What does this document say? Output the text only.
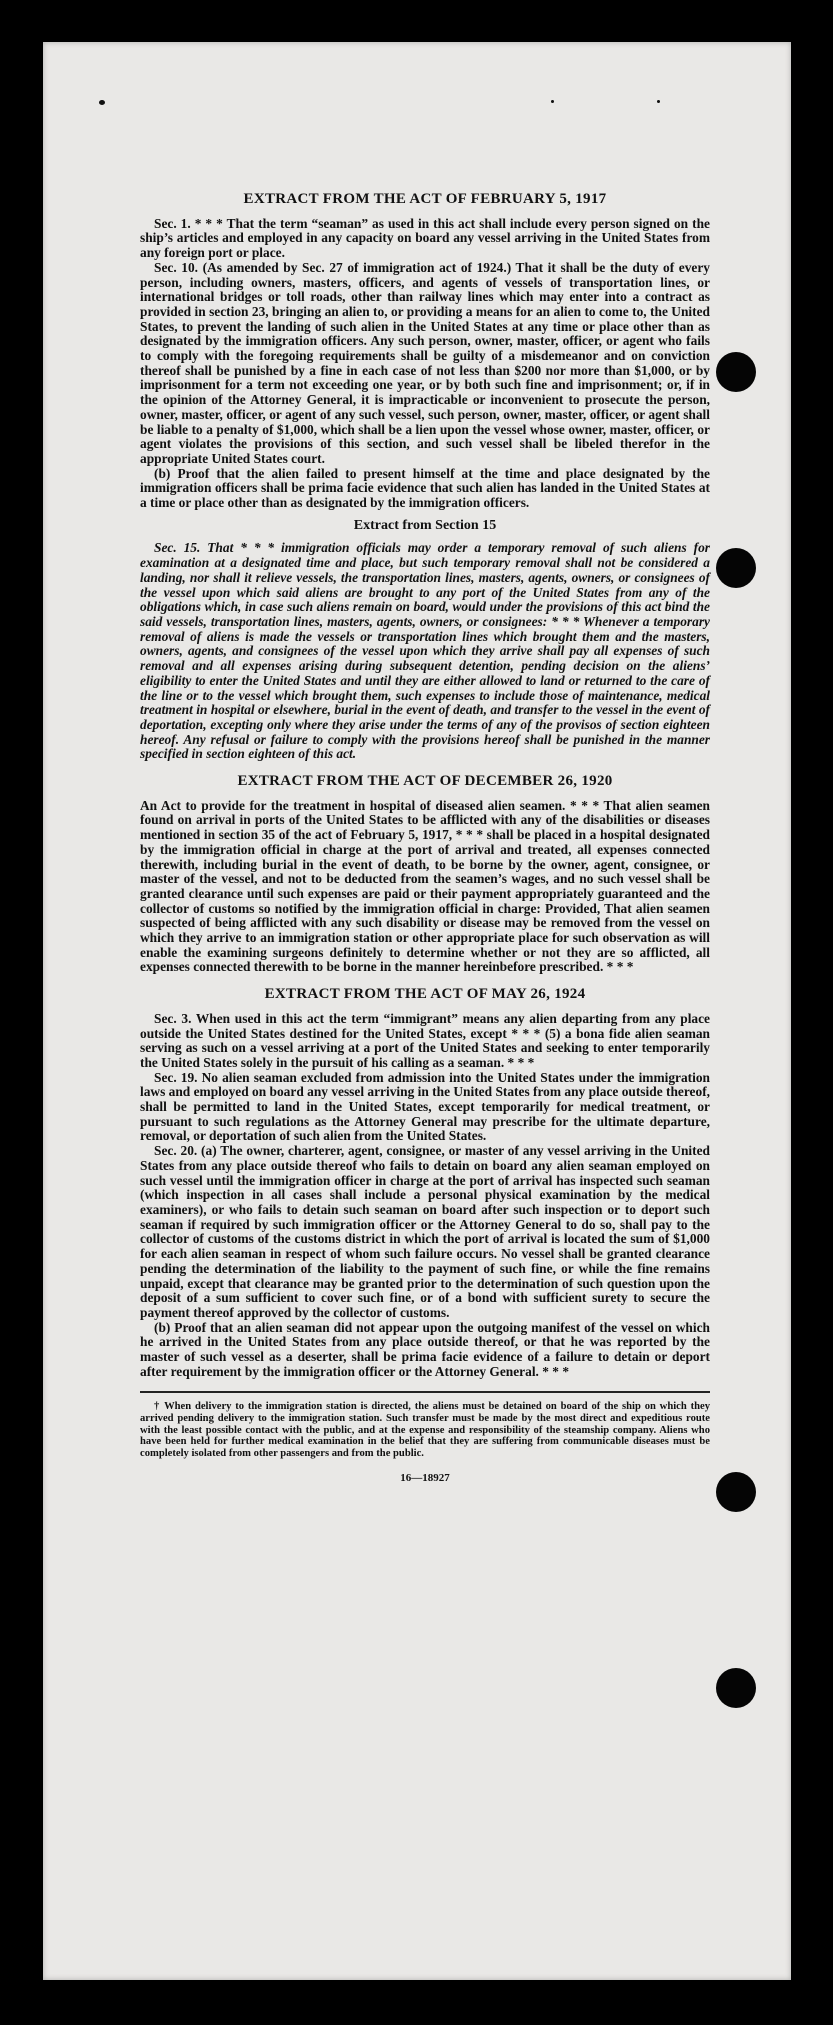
EXTRACT FROM THE ACT OF FEBRUARY 5, 1917

Sec. 1. * * * That the term “seaman” as used in this act shall include every person signed on the ship’s articles and employed in any capacity on board any vessel arriving in the United States from any foreign port or place.

Sec. 10. (As amended by Sec. 27 of immigration act of 1924.) That it shall be the duty of every person, including owners, masters, officers, and agents of vessels of transportation lines, or international bridges or toll roads, other than railway lines which may enter into a contract as provided in section 23, bringing an alien to, or providing a means for an alien to come to, the United States, to prevent the landing of such alien in the United States at any time or place other than as designated by the immigration officers. Any such person, owner, master, officer, or agent who fails to comply with the foregoing requirements shall be guilty of a misdemeanor and on conviction thereof shall be punished by a fine in each case of not less than $200 nor more than $1,000, or by imprisonment for a term not exceeding one year, or by both such fine and imprisonment; or, if in the opinion of the Attorney General, it is impracticable or inconvenient to prosecute the person, owner, master, officer, or agent of any such vessel, such person, owner, master, officer, or agent shall be liable to a penalty of $1,000, which shall be a lien upon the vessel whose owner, master, officer, or agent violates the provisions of this section, and such vessel shall be libeled therefor in the appropriate United States court.

(b) Proof that the alien failed to present himself at the time and place designated by the immigration officers shall be prima facie evidence that such alien has landed in the United States at a time or place other than as designated by the immigration officers.

Extract from Section 15

Sec. 15. That * * * immigration officials may order a temporary removal of such aliens for examination at a designated time and place, but such temporary removal shall not be considered a landing, nor shall it relieve vessels, the transportation lines, masters, agents, owners, or consignees of the vessel upon which said aliens are brought to any port of the United States from any of the obligations which, in case such aliens remain on board, would under the provisions of this act bind the said vessels, transportation lines, masters, agents, owners, or consignees: * * * Whenever a temporary removal of aliens is made the vessels or transportation lines which brought them and the masters, owners, agents, and consignees of the vessel upon which they arrive shall pay all expenses of such removal and all expenses arising during subsequent detention, pending decision on the aliens’ eligibility to enter the United States and until they are either allowed to land or returned to the care of the line or to the vessel which brought them, such expenses to include those of maintenance, medical treatment in hospital or elsewhere, burial in the event of death, and transfer to the vessel in the event of deportation, excepting only where they arise under the terms of any of the provisos of section eighteen hereof. Any refusal or failure to comply with the provisions hereof shall be punished in the manner specified in section eighteen of this act.

EXTRACT FROM THE ACT OF DECEMBER 26, 1920

An Act to provide for the treatment in hospital of diseased alien seamen. * * * That alien seamen found on arrival in ports of the United States to be afflicted with any of the disabilities or diseases mentioned in section 35 of the act of February 5, 1917, * * * shall be placed in a hospital designated by the immigration official in charge at the port of arrival and treated, all expenses connected therewith, including burial in the event of death, to be borne by the owner, agent, consignee, or master of the vessel, and not to be deducted from the seamen’s wages, and no such vessel shall be granted clearance until such expenses are paid or their payment appropriately guaranteed and the collector of customs so notified by the immigration official in charge: Provided, That alien seamen suspected of being afflicted with any such disability or disease may be removed from the vessel on which they arrive to an immigration station or other appropriate place for such observation as will enable the examining surgeons definitely to determine whether or not they are so afflicted, all expenses connected therewith to be borne in the manner hereinbefore prescribed. * * *

EXTRACT FROM THE ACT OF MAY 26, 1924

Sec. 3. When used in this act the term “immigrant” means any alien departing from any place outside the United States destined for the United States, except * * * (5) a bona fide alien seaman serving as such on a vessel arriving at a port of the United States and seeking to enter temporarily the United States solely in the pursuit of his calling as a seaman. * * *

Sec. 19. No alien seaman excluded from admission into the United States under the immigration laws and employed on board any vessel arriving in the United States from any place outside thereof, shall be permitted to land in the United States, except temporarily for medical treatment, or pursuant to such regulations as the Attorney General may prescribe for the ultimate departure, removal, or deportation of such alien from the United States.

Sec. 20. (a) The owner, charterer, agent, consignee, or master of any vessel arriving in the United States from any place outside thereof who fails to detain on board any alien seaman employed on such vessel until the immigration officer in charge at the port of arrival has inspected such seaman (which inspection in all cases shall include a personal physical examination by the medical examiners), or who fails to detain such seaman on board after such inspection or to deport such seaman if required by such immigration officer or the Attorney General to do so, shall pay to the collector of customs of the customs district in which the port of arrival is located the sum of $1,000 for each alien seaman in respect of whom such failure occurs. No vessel shall be granted clearance pending the determination of the liability to the payment of such fine, or while the fine remains unpaid, except that clearance may be granted prior to the determination of such question upon the deposit of a sum sufficient to cover such fine, or of a bond with sufficient surety to secure the payment thereof approved by the collector of customs.

(b) Proof that an alien seaman did not appear upon the outgoing manifest of the vessel on which he arrived in the United States from any place outside thereof, or that he was reported by the master of such vessel as a deserter, shall be prima facie evidence of a failure to detain or deport after requirement by the immigration officer or the Attorney General. * * *

† When delivery to the immigration station is directed, the aliens must be detained on board of the ship on which they arrived pending delivery to the immigration station. Such transfer must be made by the most direct and expeditious route with the least possible contact with the public, and at the expense and responsibility of the steamship company. Aliens who have been held for further medical examination in the belief that they are suffering from communicable diseases must be completely isolated from other passengers and from the public.

16—18927
